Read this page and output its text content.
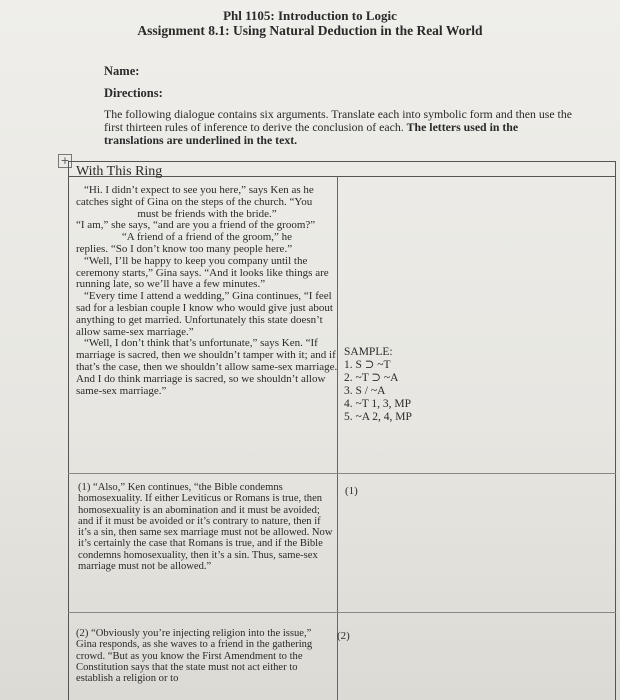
Phl 1105: Introduction to Logic
Assignment 8.1: Using Natural Deduction in the Real World
Name:
Directions:
The following dialogue contains six arguments. Translate each into symbolic form and then use the first thirteen rules of inference to derive the conclusion of each. The letters used in the translations are underlined in the text.
+
With This Ring

“Hi. I didn’t expect to see you here,” says Ken as he catches sight of Gina on the steps of the church. “You

must be friends with the bride.”

“I am,” she says, “and are you a friend of the groom?”

“A friend of a friend of the groom,” he

replies. “So I don’t know too many people here.”

“Well, I’ll be happy to keep you company until the ceremony starts,” Gina says. “And it looks like things are running late, so we’ll have a few minutes.”

“Every time I attend a wedding,” Gina continues, “I feel sad for a lesbian couple I know who would give just about anything to get married. Unfortunately this state doesn’t allow same-sex marriage.”

“Well, I don’t think that’s unfortunate,” says Ken. “If marriage is sacred, then we shouldn’t tamper with it; and if that’s the case, then we shouldn’t allow same-sex marriage. And I do think marriage is sacred, so we shouldn’t allow same-sex marriage.”

SAMPLE:
1. S ⊃ ~T
2. ~T ⊃ ~A
3. S / ~A
4. ~T 1, 3, MP
5. ~A 2, 4, MP
(1) “Also,” Ken continues, “the Bible condemns homosexuality. If either Leviticus or Romans is true, then homosexuality is an abomination and it must be avoided; and if it must be avoided or it’s contrary to nature, then if it’s a sin, then same sex marriage must not be allowed. Now it’s certainly the case that Romans is true, and if the Bible condemns homosexuality, then it’s a sin. Thus, same-sex marriage must not be allowed.”
(1)
(2) “Obviously you’re injecting religion into the issue,” Gina responds, as she waves to a friend in the gathering crowd. “But as you know the First Amendment to the Constitution says that the state must not act either to establish a religion or to
(2)
